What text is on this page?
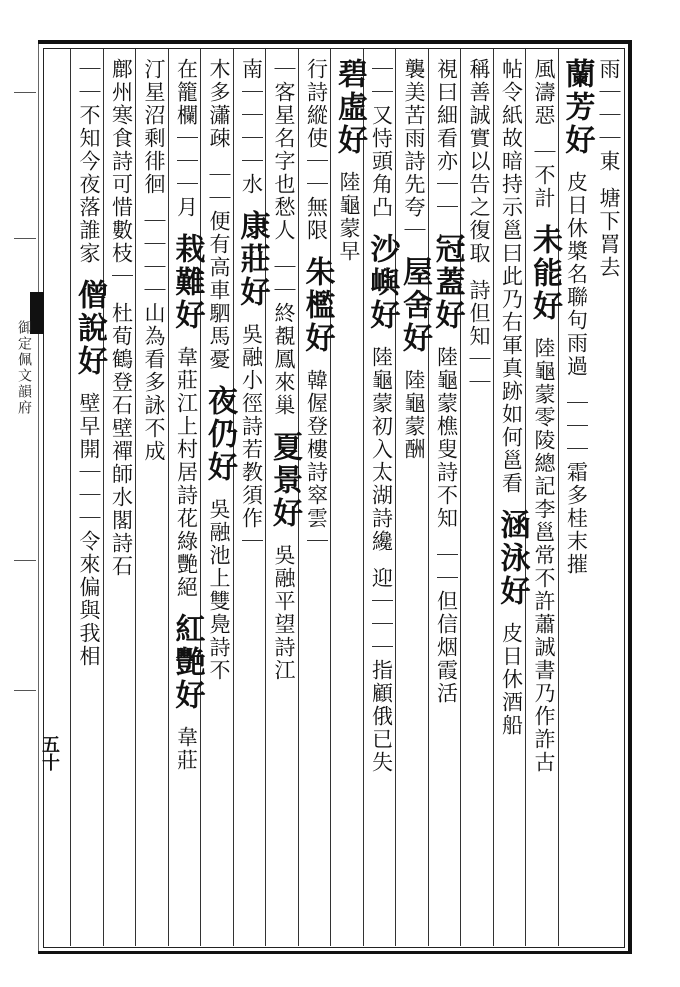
御定佩文韻府
五十
雨｜｜｜東塘下罥去
蘭芳好皮日休槳名聯句雨過｜｜｜霜多桂末摧
風濤惡｜不計未能好陸龜蒙零陵總記李邕常不許蕭誠書乃作詐古
帖令紙故暗持示邕曰此乃右軍真跡如何邕看涵泳好皮日休酒船
稱善誠實以告之復取詩但知｜｜
視曰細看亦｜｜冠蓋好陸龜蒙樵叟詩不知｜｜但信烟霞活
襲美苦雨詩先夸｜屋舍好陸龜蒙酬
｜｜又恃頭角凸沙嶼好陸龜蒙初入太湖詩纔迎｜｜｜指顧俄已失
碧虛好陸龜蒙早
行詩縱使｜｜無限朱檻好韓偓登樓詩窣雲｜
｜客星名字也愁人｜｜終覩鳳來巢夏景好吳融平望詩江
南｜｜｜｜水康莊好吳融小徑詩若教須作｜
木多瀟疎｜｜便有高車駟馬憂夜仍好吳融池上雙鳧詩不
在籠欄｜｜｜月栽難好韋莊江上村居詩花綠艷絕紅艷好韋莊
汀星沼剩徘徊｜｜｜｜山為看多詠不成
鄜州寒食詩可惜數枝｜杜荀鶴登石壁禪師水閣詩石
｜｜不知今夜落誰家僧說好壁早開｜｜｜令來偏與我相
